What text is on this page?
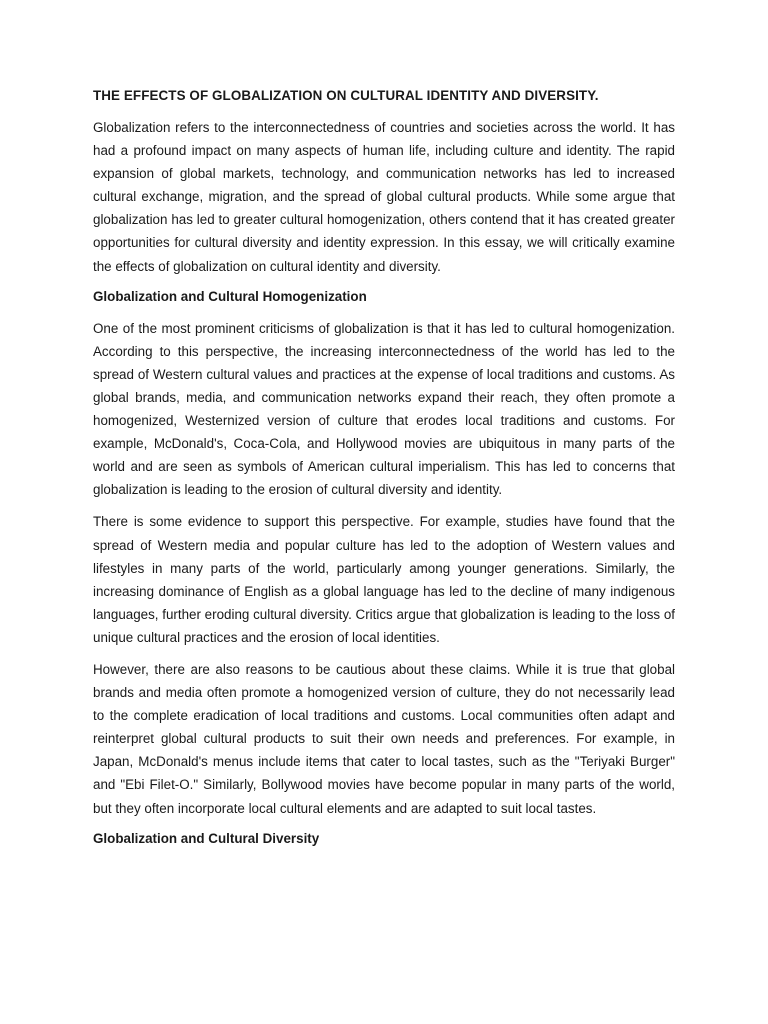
THE EFFECTS OF GLOBALIZATION ON CULTURAL IDENTITY AND DIVERSITY.

Globalization refers to the interconnectedness of countries and societies across the world. It has had a profound impact on many aspects of human life, including culture and identity. The rapid expansion of global markets, technology, and communication networks has led to increased cultural exchange, migration, and the spread of global cultural products. While some argue that globalization has led to greater cultural homogenization, others contend that it has created greater opportunities for cultural diversity and identity expression. In this essay, we will critically examine the effects of globalization on cultural identity and diversity.

Globalization and Cultural Homogenization

One of the most prominent criticisms of globalization is that it has led to cultural homogenization. According to this perspective, the increasing interconnectedness of the world has led to the spread of Western cultural values and practices at the expense of local traditions and customs. As global brands, media, and communication networks expand their reach, they often promote a homogenized, Westernized version of culture that erodes local traditions and customs. For example, McDonald's, Coca-Cola, and Hollywood movies are ubiquitous in many parts of the world and are seen as symbols of American cultural imperialism. This has led to concerns that globalization is leading to the erosion of cultural diversity and identity.

There is some evidence to support this perspective. For example, studies have found that the spread of Western media and popular culture has led to the adoption of Western values and lifestyles in many parts of the world, particularly among younger generations. Similarly, the increasing dominance of English as a global language has led to the decline of many indigenous languages, further eroding cultural diversity. Critics argue that globalization is leading to the loss of unique cultural practices and the erosion of local identities.

However, there are also reasons to be cautious about these claims. While it is true that global brands and media often promote a homogenized version of culture, they do not necessarily lead to the complete eradication of local traditions and customs. Local communities often adapt and reinterpret global cultural products to suit their own needs and preferences. For example, in Japan, McDonald's menus include items that cater to local tastes, such as the "Teriyaki Burger" and "Ebi Filet-O." Similarly, Bollywood movies have become popular in many parts of the world, but they often incorporate local cultural elements and are adapted to suit local tastes.

Globalization and Cultural Diversity
